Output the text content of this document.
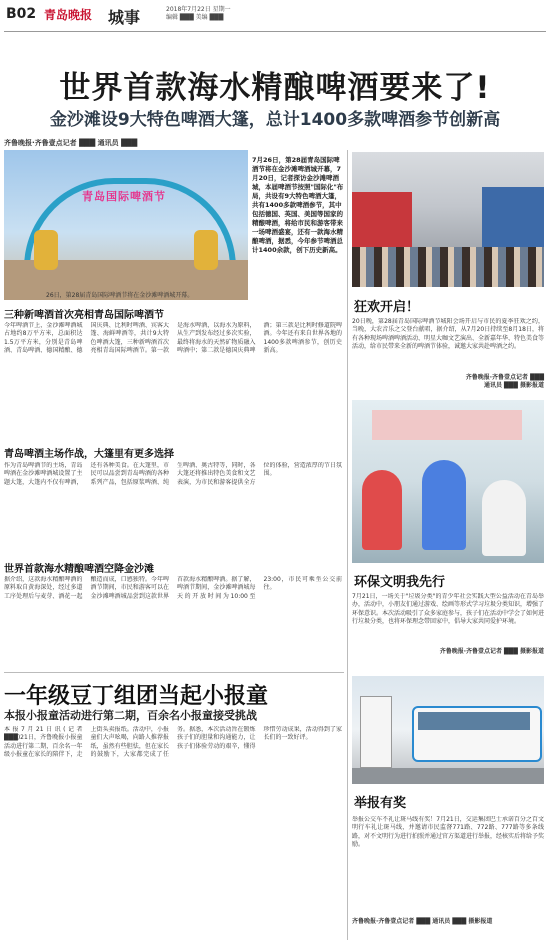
B02 青岛晚报 城事	2018年7月22日 星期一
编辑 ███ 美编 ███
世界首款海水精酿啤酒要来了!
金沙滩设9大特色啤酒大篷，总计1400多款啤酒参节创新高
齐鲁晚报·齐鲁壹点记者 ███ 通讯员 ███
青岛国际啤酒节
26日，第28届青岛国际啤酒节将在金沙滩啤酒城开幕。
7月26日，第28届青岛国际啤酒节将在金沙滩啤酒城开幕，7月20日，记者探访金沙滩啤酒城，本届啤酒节按照"国际化"布局，共设有9大特色啤酒大篷，共有1400多款啤酒参节，其中包括德国、英国、美国等国家的精酿啤酒，将给市民和游客带来一场啤酒盛宴，还有一款海水精酿啤酒，据悉，今年参节啤酒总计1400余款，创下历史新高。
三种新啤酒首次亮相青岛国际啤酒节
今年啤酒节上，金沙滩啤酒城占地约8万平方米，总面积达1.5万平方米，分别是青岛啤酒、青岛啤酒、德国精酿、德国庆典、比利时啤酒、宾客大篷、海鲜啤酒等，共计9大特色啤酒大篷，三种新啤酒首次亮相青岛国际啤酒节。第一款是海水啤酒，以海水为原料，从生产到发布经过多次实验，最终将海水的天然矿物质融入啤酒中；第二款是德国庆典啤酒；第三款是比利时修道院啤酒。今年还有来自世界各地的1400多款啤酒参节，创历史新高。
青岛啤酒主场作战，大篷里有更多选择
作为青岛啤酒节的主场，青岛啤酒在金沙滩啤酒城设置了主题大篷，大篷内不仅有啤酒，还有各种美食。在大篷里，市民可以品尝到青岛啤酒的各种系列产品，包括原浆啤酒、纯生啤酒、奥古特等，同时，各大篷还将推出特色美食和文艺表演，为市民和游客提供全方位的体验，营造浓厚的节日氛围。
世界首款海水精酿啤酒空降金沙滩
据介绍，这款海水精酿啤酒的原料取自黄海深处，经过多道工序处理后与麦芽、酒花一起酿造而成，口感独特。今年啤酒节期间，市民和游客可以在金沙滩啤酒城品尝到这款世界首款海水精酿啤酒。据了解，啤酒节期间，金沙滩啤酒城每天的开放时间为10:00至23:00，市民可乘坐公交前往。
狂欢开启！
20日晚，第28届青岛国际啤酒节城阳会场开启与市民的夏季狂欢之约，当晚，大农音乐之父登台献唱，据介绍，从7月20日持续至8月18日，将有各种现场啤酒啤酒活动、明星大咖文艺演出、全新嘉年华、特色美食等活动，给市民带来全新的啤酒节体验，诚邀大家共赴啤酒之约。
齐鲁晚报·齐鲁壹点记者 ███
通讯员 ███ 摄影报道
环保文明我先行
7月21日，一场关于"垃圾分类"的青少年社会实践大型公益活动在青岛举办，活动中，小朋友们通过游戏、绘画等形式学习垃圾分类知识，增强了环保意识。本次活动吸引了众多家庭参与，孩子们在活动中学会了如何进行垃圾分类，也将环保理念带回家中，倡导大家共同爱护环境。
齐鲁晚报·齐鲁壹点记者 ███ 摄影报道
一年级豆丁组团当起小报童
本报小报童活动进行第二期，百余名小报童接受挑战
本报7月21日讯(记者 ███)21日，齐鲁晚报小报童活动进行第二期，百余名一年级小报童在家长的陪伴下，走上街头卖报纸。活动中，小报童们大声吆喝，向路人推荐报纸，虽然有些胆怯，但在家长的鼓励下，大家都完成了任务。据悉，本次活动旨在锻炼孩子们的胆量和沟通能力，让孩子们体验劳动的艰辛，懂得珍惜劳动成果，活动得到了家长们的一致好评。
举报有奖
举报公交车不礼让斑马线有奖！7月21日，交运集团巴士承诺百分之百文明行车礼让斑马线，并邀请市民监督771路、772路、777路等多条线路，对不文明行为进行拍照并通过官方渠道进行举报，经核实后将给予奖励。
齐鲁晚报·齐鲁壹点记者 ███ 通讯员 ███ 摄影报道
